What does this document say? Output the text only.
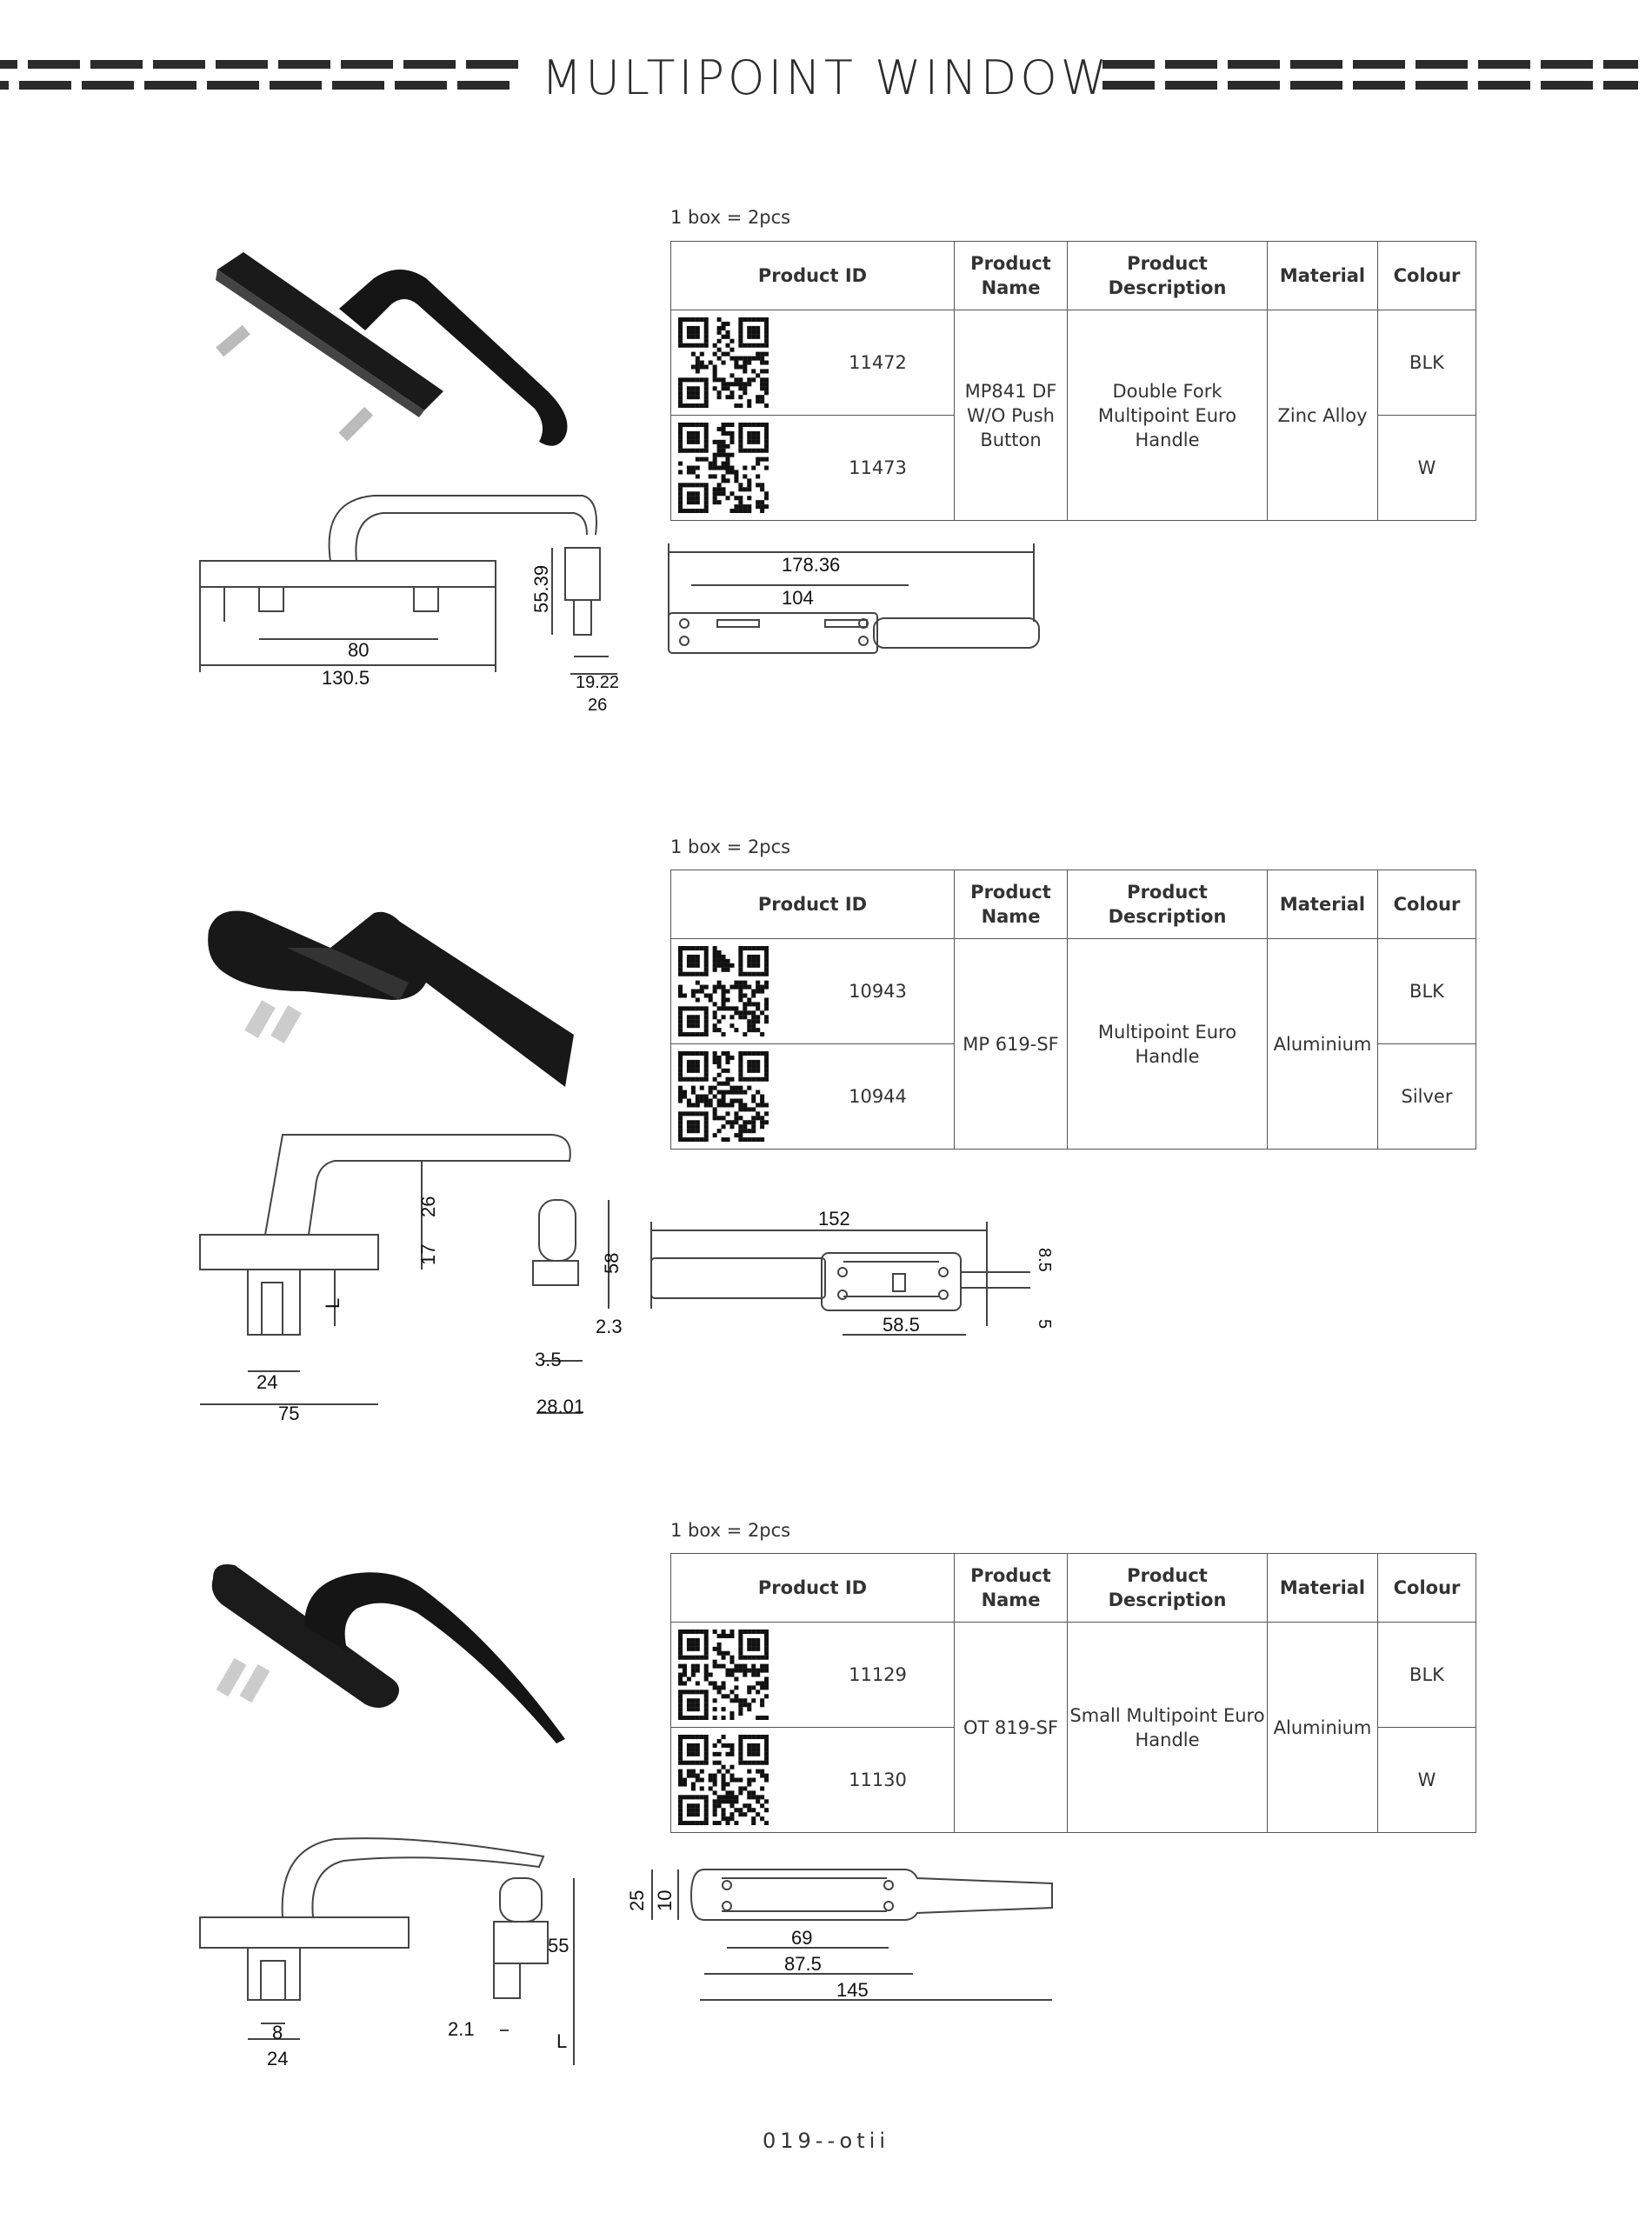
MULTIPOINT WINDOW
1 box = 2pcs
Product ID	Product Name	Product Description	Material	Colour

11472	MP841 DF W/O Push Button	Double Fork Multipoint Euro Handle	Zinc Alloy	BLK

11473				W
80
130.5
55.39
19.22
26
178.36
104
1 box = 2pcs
Product ID	Product Name	Product Description	Material	Colour

10943	MP 619-SF	Multipoint Euro Handle	Aluminium	BLK

10944				Silver
26
17
L
24
75
58
2.3
3.5
28.01
152
8.5
5
58.5
1 box = 2pcs
Product ID	Product Name	Product Description	Material	Colour

11129	OT 819-SF	Small Multipoint Euro Handle	Aluminium	BLK

11130				W
8
24
55
2.1
L
25 10
69
87.5
145
019--otii
